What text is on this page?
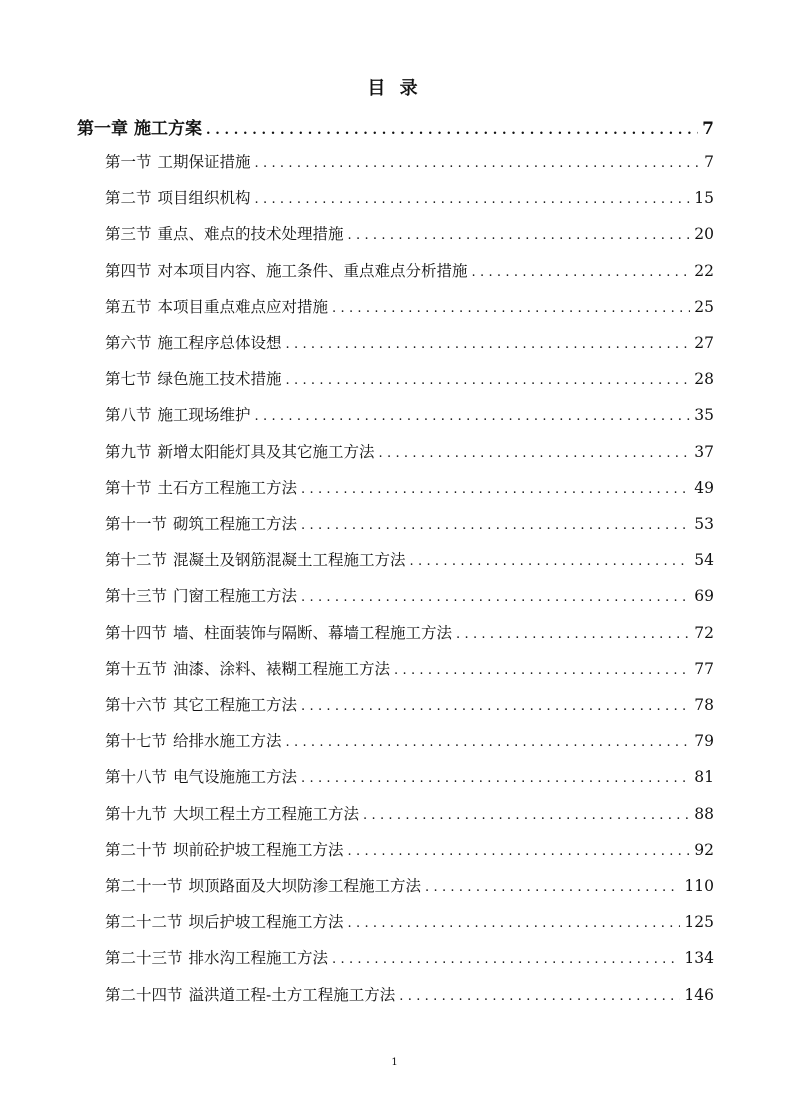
目 录
第一章 施工方案 . . .	7
第一节 工期保证措施 . . .	7
第二节 项目组织机构 . . .	15
第三节 重点、难点的技术处理措施 . . .	20
第四节 对本项目内容、施工条件、重点难点分析措施 . . .	22
第五节 本项目重点难点应对措施 . . .	25
第六节 施工程序总体设想 . . .	27
第七节 绿色施工技术措施 . . .	28
第八节 施工现场维护 . . .	35
第九节 新增太阳能灯具及其它施工方法 . . .	37
第十节 土石方工程施工方法 . . .	49
第十一节 砌筑工程施工方法 . . .	53
第十二节 混凝土及钢筋混凝土工程施工方法 . . .	54
第十三节 门窗工程施工方法 . . .	69
第十四节 墙、柱面装饰与隔断、幕墙工程施工方法 . . .	72
第十五节 油漆、涂料、裱糊工程施工方法 . . .	77
第十六节 其它工程施工方法 . . .	78
第十七节 给排水施工方法 . . .	79
第十八节 电气设施施工方法 . . .	81
第十九节 大坝工程土方工程施工方法 . . .	88
第二十节 坝前砼护坡工程施工方法 . . .	92
第二十一节 坝顶路面及大坝防渗工程施工方法 . . .	110
第二十二节 坝后护坡工程施工方法 . . .	125
第二十三节 排水沟工程施工方法 . . .	134
第二十四节 溢洪道工程-土方工程施工方法 . . .	146
1
